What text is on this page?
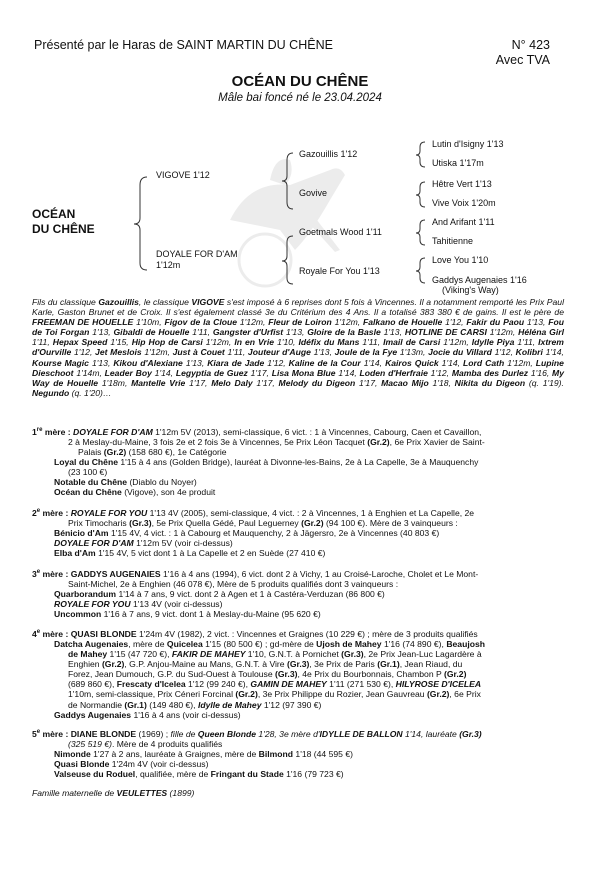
Présenté par le Haras de SAINT MARTIN DU CHÊNE	N° 423
Avec TVA
OCÉAN DU CHÊNE
Mâle bai foncé né le 23.04.2024
OCÉAN
DU CHÊNE
VIGOVE 1'12
DOYALE FOR D'AM
1'12m
Gazouillis 1'12
Govive
Goetmals Wood 1'11
Royale For You 1'13
Lutin d'Isigny 1'13
Utiska 1'17m
Hêtre Vert 1'13
Vive Voix 1'20m
And Arifant 1'11
Tahitienne
Love You 1'10
Gaddys Augenaies 1'16
(Viking's Way)
Fils du classique Gazouillis, le classique VIGOVE s'est imposé à 6 reprises dont 5 fois à Vincennes. Il a notamment remporté les Prix Paul Karle, Gaston Brunet et de Croix. Il s'est également classé 3e du Critérium des 4 Ans. Il a totalisé 383 380 € de gains. Il est le père de FREEMAN DE HOUELLE 1'10m, Figov de la Cloue 1'12m, Fleur de Loiron 1'12m, Falkano de Houelle 1'12, Fakir du Paou 1'13, Fou de Toi Forgan 1'13, Gibaldi de Houelle 1'11, Gangster d'Urfist 1'13, Gloire de la Basle 1'13, HOTLINE DE CARSI 1'12m, Héléna Girl 1'11, Hepax Speed 1'15, Hip Hop de Carsi 1'12m, In en Vrie 1'10, Idéfix du Mans 1'11, Imail de Carsi 1'12m, Idylle Piya 1'11, Ixtrem d'Ourville 1'12, Jet Meslois 1'12m, Just à Couet 1'11, Jouteur d'Auge 1'13, Joule de la Fye 1'13m, Jocie du Villard 1'12, Kolibri 1'14, Kourse Magic 1'13, Kikou d'Alexiane 1'13, Kiara de Jade 1'12, Kaline de la Cour 1'14, Kairos Quick 1'14, Lord Cath 1'12m, Lupine Dieschoot 1'14m, Leader Boy 1'14, Legyptia de Guez 1'17, Lisa Mona Blue 1'14, Loden d'Herfraie 1'12, Mamba des Durlez 1'16, My Way de Houelle 1'18m, Mantelle Vrie 1'17, Melo Daly 1'17, Melody du Digeon 1'17, Macao Mijo 1'18, Nikita du Digeon (q. 1'19). Negundo (q. 1'20)…
1re mère : DOYALE FOR D'AM 1'12m 5V (2013), semi-classique, 6 vict. : 1 à Vincennes, Cabourg, Caen et Cavaillon,
2 à Meslay-du-Maine, 3 fois 2e et 2 fois 3e à Vincennes, 5e Prix Léon Tacquet (Gr.2), 6e Prix Xavier de Saint-
Palais (Gr.2) (158 680 €), 1e Catégorie
Loyal du Chêne 1'15 à 4 ans (Golden Bridge), lauréat à Divonne-les-Bains, 2e à La Capelle, 3e à Mauquenchy
(23 100 €)
Notable du Chêne (Diablo du Noyer)
Océan du Chêne (Vigove), son 4e produit
2e mère : ROYALE FOR YOU 1'13 4V (2005), semi-classique, 4 vict. : 2 à Vincennes, 1 à Enghien et La Capelle, 2e
Prix Timocharis (Gr.3), 5e Prix Quella Gédé, Paul Leguerney (Gr.2) (94 100 €). Mère de 3 vainqueurs :
Bénicio d'Am 1'15 4V, 4 vict. : 1 à Cabourg et Mauquenchy, 2 à Jägersro, 2e à Vincennes (40 803 €)
DOYALE FOR D'AM 1'12m 5V (voir ci-dessus)
Elba d'Am 1'15 4V, 5 vict dont 1 à La Capelle et 2 en Suède (27 410 €)
3e mère : GADDYS AUGENAIES 1'16 à 4 ans (1994), 6 vict. dont 2 à Vichy, 1 au Croisé-Laroche, Cholet et Le Mont-
Saint-Michel, 2e à Enghien (46 078 €), Mère de 5 produits qualifiés dont 3 vainqueurs :
Quarborandum 1'14 à 7 ans, 9 vict. dont 2 à Agen et 1 à Castéra-Verduzan (86 800 €)
ROYALE FOR YOU 1'13 4V (voir ci-dessus)
Uncommon 1'16 à 7 ans, 9 vict. dont 1 à Meslay-du-Maine (95 620 €)
4e mère : QUASI BLONDE 1'24m 4V (1982), 2 vict. : Vincennes et Graignes (10 229 €) ; mère de 3 produits qualifiés
Datcha Augenaies, mère de Quicelea 1'15 (80 500 €) ; gd-mère de Ujosh de Mahey 1'16 (74 890 €), Beaujosh
de Mahey 1'15 (47 720 €), FAKIR DE MAHEY 1'10, G.N.T. à Pornichet (Gr.3), 2e Prix Jean-Luc Lagardère à
Enghien (Gr.2), G.P. Anjou-Maine au Mans, G.N.T. à Vire (Gr.3), 3e Prix de Paris (Gr.1), Jean Riaud, du
Forez, Jean Dumouch, G.P. du Sud-Ouest à Toulouse (Gr.3), 4e Prix du Bourbonnais, Chambon P (Gr.2)
(689 860 €), Frescaty d'Icelea 1'12 (99 240 €), GAMIN DE MAHEY 1'11 (271 530 €), HILYROSE D'ICELEA
1'10m, semi-classique, Prix Céneri Forcinal (Gr.2), 3e Prix Philippe du Rozier, Jean Gauvreau (Gr.2), 6e Prix
de Normandie (Gr.1) (149 480 €), Idylle de Mahey 1'12 (97 390 €)
Gaddys Augenaies 1'16 à 4 ans (voir ci-dessus)
5e mère : DIANE BLONDE (1969) ; fille de Queen Blonde 1'28, 3e mère d'IDYLLE DE BALLON 1'14, lauréate (Gr.3)
(325 519 €). Mère de 4 produits qualifiés
Nimonde 1'27 à 2 ans, lauréate à Graignes, mère de Bilmond 1'18 (44 595 €)
Quasi Blonde 1'24m 4V (voir ci-dessus)
Valseuse du Roduel, qualifiée, mère de Fringant du Stade 1'16 (79 723 €)
Famille maternelle de VEULETTES (1899)
